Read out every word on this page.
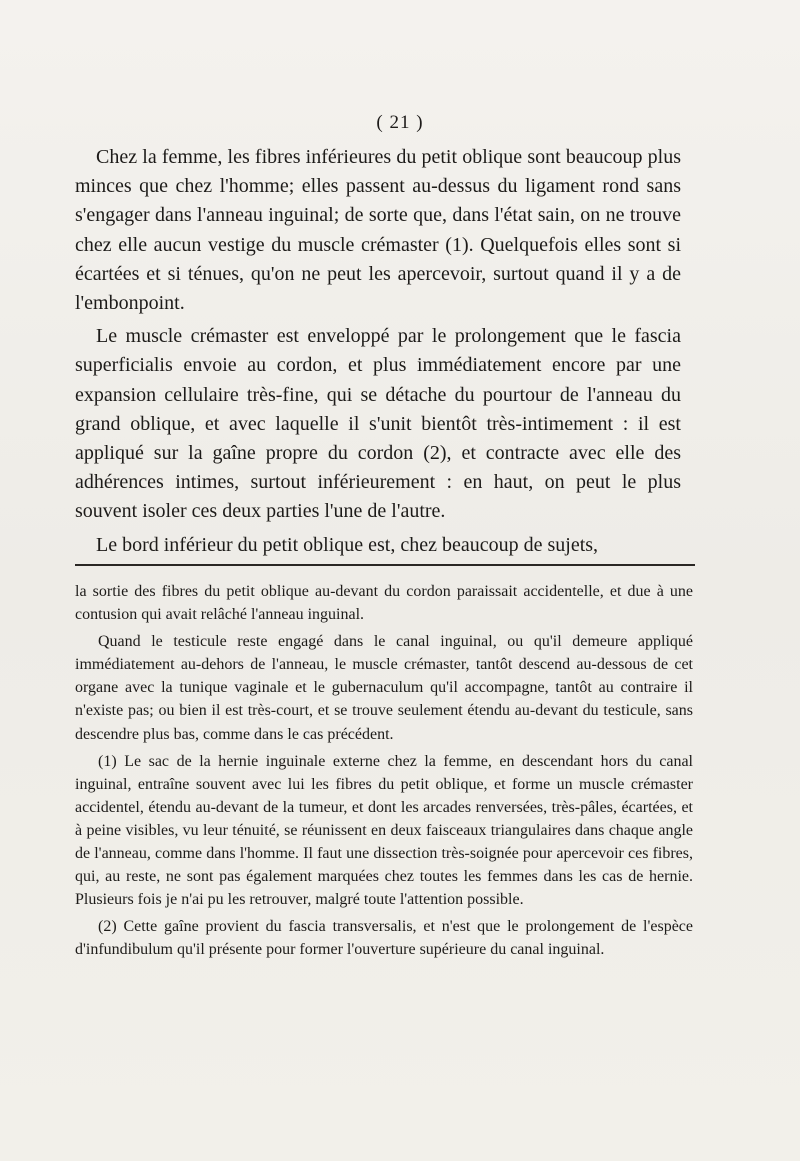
( 21 )

Chez la femme, les fibres inférieures du petit oblique sont beaucoup plus minces que chez l'homme; elles passent au-dessus du ligament rond sans s'engager dans l'anneau inguinal; de sorte que, dans l'état sain, on ne trouve chez elle aucun vestige du muscle crémaster (1). Quelquefois elles sont si écartées et si ténues, qu'on ne peut les apercevoir, surtout quand il y a de l'embonpoint.

Le muscle crémaster est enveloppé par le prolongement que le fascia superficialis envoie au cordon, et plus immédiatement encore par une expansion cellulaire très-fine, qui se détache du pourtour de l'anneau du grand oblique, et avec laquelle il s'unit bientôt très-intimement : il est appliqué sur la gaîne propre du cordon (2), et contracte avec elle des adhérences intimes, surtout inférieurement : en haut, on peut le plus souvent isoler ces deux parties l'une de l'autre.

Le bord inférieur du petit oblique est, chez beaucoup de sujets,

la sortie des fibres du petit oblique au-devant du cordon paraissait accidentelle, et due à une contusion qui avait relâché l'anneau inguinal.

Quand le testicule reste engagé dans le canal inguinal, ou qu'il demeure appliqué immédiatement au-dehors de l'anneau, le muscle crémaster, tantôt descend au-dessous de cet organe avec la tunique vaginale et le gubernaculum qu'il accompagne, tantôt au contraire il n'existe pas; ou bien il est très-court, et se trouve seulement étendu au-devant du testicule, sans descendre plus bas, comme dans le cas précédent.

(1) Le sac de la hernie inguinale externe chez la femme, en descendant hors du canal inguinal, entraîne souvent avec lui les fibres du petit oblique, et forme un muscle crémaster accidentel, étendu au-devant de la tumeur, et dont les arcades renversées, très-pâles, écartées, et à peine visibles, vu leur ténuité, se réunissent en deux faisceaux triangulaires dans chaque angle de l'anneau, comme dans l'homme. Il faut une dissection très-soignée pour apercevoir ces fibres, qui, au reste, ne sont pas également marquées chez toutes les femmes dans les cas de hernie. Plusieurs fois je n'ai pu les retrouver, malgré toute l'attention possible.

(2) Cette gaîne provient du fascia transversalis, et n'est que le prolongement de l'espèce d'infundibulum qu'il présente pour former l'ouverture supérieure du canal inguinal.
